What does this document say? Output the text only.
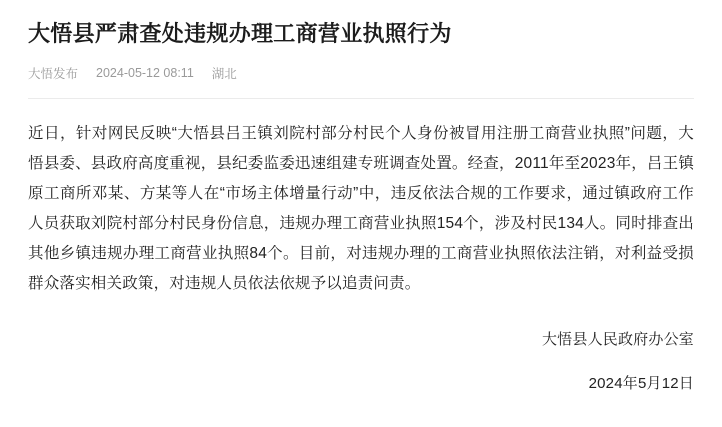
大悟县严肃查处违规办理工商营业执照行为
大悟发布 2024-05-12 08:11 湖北

近日，针对网民反映“大悟县吕王镇刘院村部分村民个人身份被冒用注册工商营业执照”问题，大悟县委、县政府高度重视，县纪委监委迅速组建专班调查处置。经查，2011年至2023年，吕王镇原工商所邓某、方某等人在“市场主体增量行动”中，违反依法合规的工作要求，通过镇政府工作人员获取刘院村部分村民身份信息，违规办理工商营业执照154个，涉及村民134人。同时排查出其他乡镇违规办理工商营业执照84个。目前，对违规办理的工商营业执照依法注销，对利益受损群众落实相关政策，对违规人员依法依规予以追责问责。

大悟县人民政府办公室
2024年5月12日
